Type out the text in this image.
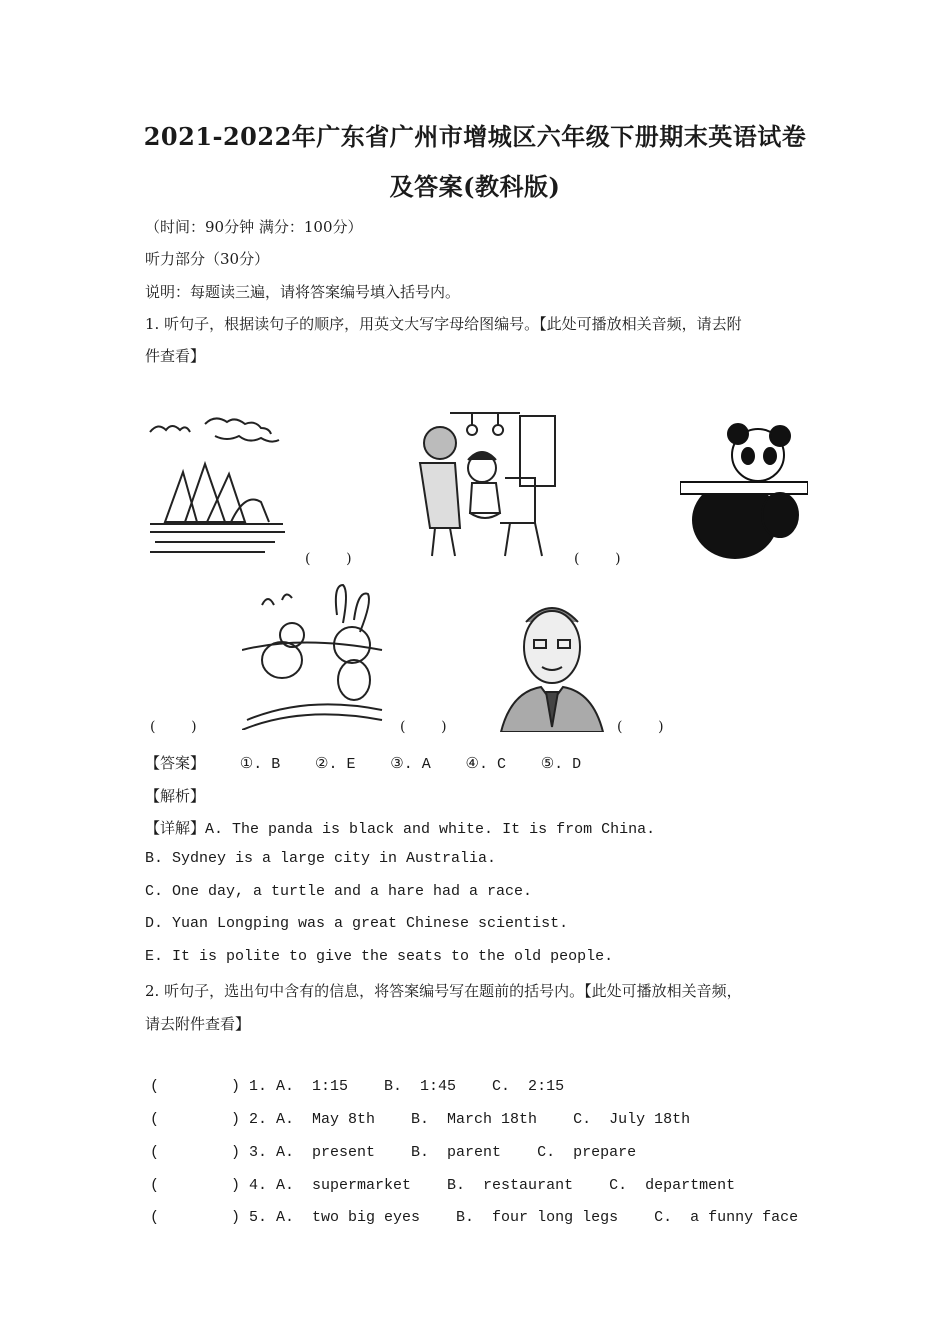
2021-2022年广东省广州市增城区六年级下册期末英语试卷
及答案(教科版)
（时间：90分钟 满分：100分）
听力部分（30分）
说明：每题读三遍，请将答案编号填入括号内。
1. 听句子，根据读句子的顺序，用英文大写字母给图编号。【此处可播放相关音频，请去附
件查看】
(        )	(        )
(        )	(        )	(        )
【答案】 ①. B ②. E ③. A ④. C ⑤. D
【解析】
【详解】A. The panda is black and white. It is from China.
B. Sydney is a large city in Australia.
C. One day, a turtle and a hare had a race.
D. Yuan Longping was a great Chinese scientist.
E. It is polite to give the seats to the old people.
2. 听句子，选出句中含有的信息，将答案编号写在题前的括号内。【此处可播放相关音频，
请去附件查看】
(        ) 1. A.  1:15    B.  1:45    C.  2:15
(        ) 2. A.  May 8th    B.  March 18th    C.  July 18th
(        ) 3. A.  present    B.  parent    C.  prepare
(        ) 4. A.  supermarket    B.  restaurant    C.  department
(        ) 5. A.  two big eyes    B.  four long legs    C.  a funny face
